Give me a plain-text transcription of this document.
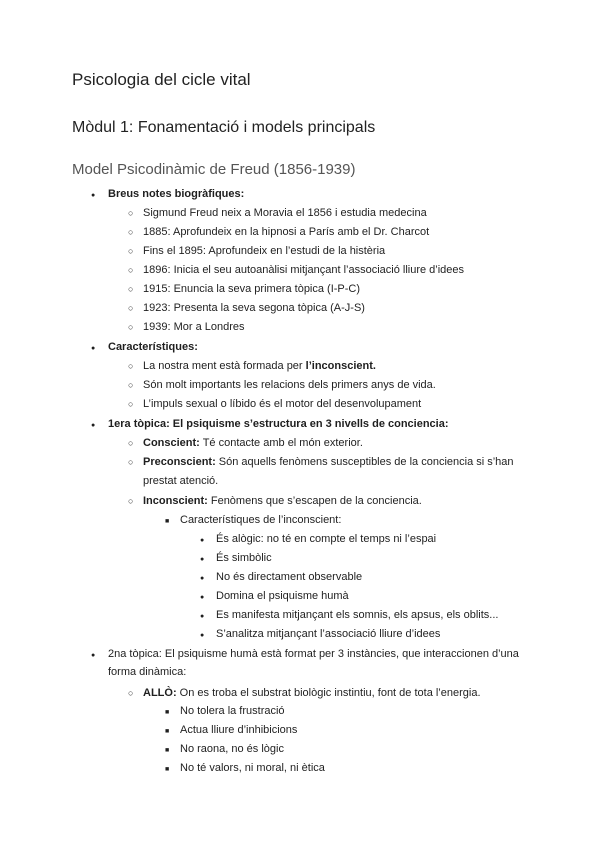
Psicologia del cicle vital
Mòdul 1: Fonamentació i models principals
Model Psicodinàmic de Freud (1856-1939)
● Breus notes biogràfiques:
○ Sigmund Freud neix a Moravia el 1856 i estudia medecina
○ 1885: Aprofundeix en la hipnosi a París amb el Dr. Charcot
○ Fins el 1895: Aprofundeix en l’estudi de la histèria
○ 1896: Inicia el seu autoanàlisi mitjançant l’associació lliure d’idees
○ 1915: Enuncia la seva primera tòpica (I-P-C)
○ 1923: Presenta la seva segona tòpica (A-J-S)
○ 1939: Mor a Londres
● Característiques:
○ La nostra ment està formada per l’inconscient.
○ Són molt importants les relacions dels primers anys de vida.
○ L’impuls sexual o líbido és el motor del desenvolupament
● 1era tòpica: El psiquisme s’estructura en 3 nivells de conciencia:
○ Conscient: Té contacte amb el món exterior.
○ Preconscient: Són aquells fenòmens susceptibles de la conciencia si s’han
prestat atenció.
○ Inconscient: Fenòmens que s’escapen de la conciencia.
■ Característiques de l’inconscient:
● És alògic: no té en compte el temps ni l’espai
● És simbòlic
● No és directament observable
● Domina el psiquisme humà
● Es manifesta mitjançant els somnis, els apsus, els oblits...
● S’analitza mitjançant l’associació lliure d’idees
● 2na tòpica: El psiquisme humà està format per 3 instàncies, que interaccionen d’una
forma dinàmica:
○ ALLÒ: On es troba el substrat biològic instintiu, font de tota l’energia.
■ No tolera la frustració
■ Actua lliure d’inhibicions
■ No raona, no és lògic
■ No té valors, ni moral, ni ètica
